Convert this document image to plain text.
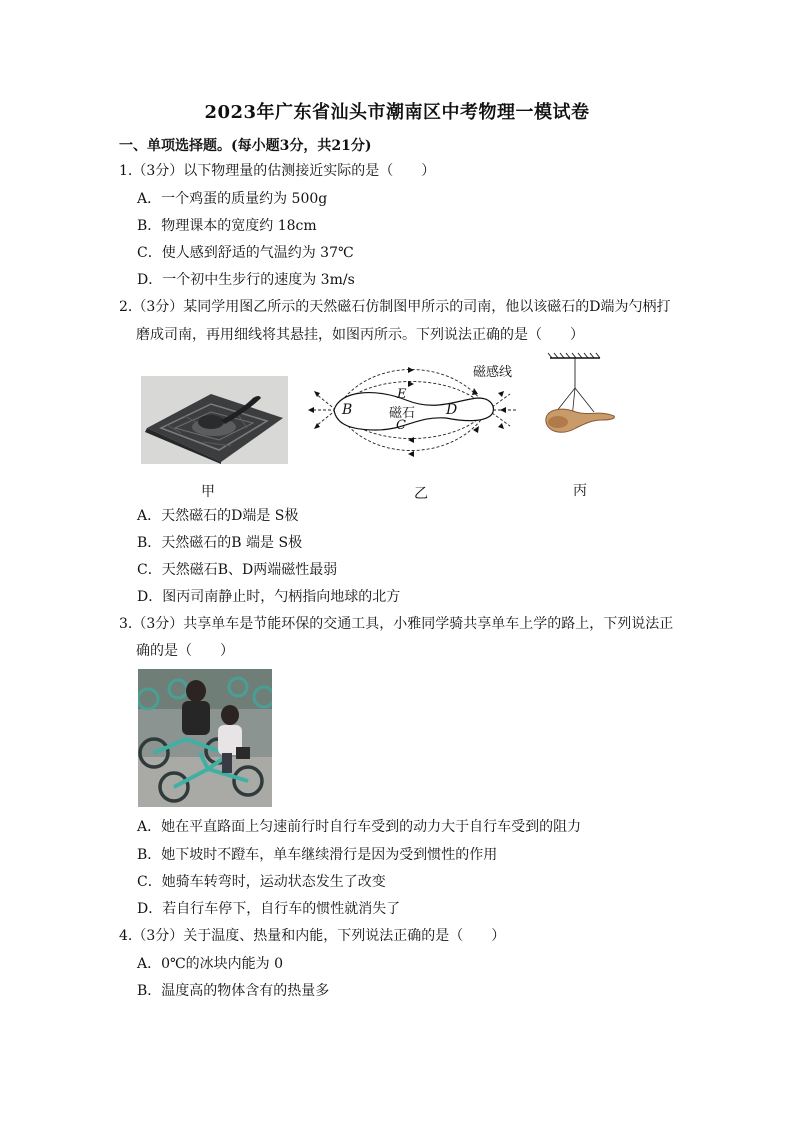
2023年广东省汕头市潮南区中考物理一模试卷
一、单项选择题。(每小题3分，共21分)
1.（3分）以下物理量的估测接近实际的是（　　）
A．一个鸡蛋的质量约为 500g
B．物理课本的宽度约 18cm
C．使人感到舒适的气温约为 37℃
D．一个初中生步行的速度为 3m/s
2.（3分）某同学用图乙所示的天然磁石仿制图甲所示的司南，他以该磁石的D端为勺柄打
磨成司南，再用细线将其悬挂，如图丙所示。下列说法正确的是（　　）
甲
B
E
磁石
C
D
磁感线
乙	丙
A．天然磁石的D端是 S极
B．天然磁石的B 端是 S极
C．天然磁石B、D两端磁性最弱
D．图丙司南静止时，勺柄指向地球的北方
3.（3分）共享单车是节能环保的交通工具，小雅同学骑共享单车上学的路上，下列说法正
确的是（　　）
A．她在平直路面上匀速前行时自行车受到的动力大于自行车受到的阻力
B．她下坡时不蹬车，单车继续滑行是因为受到惯性的作用
C．她骑车转弯时，运动状态发生了改变
D．若自行车停下，自行车的惯性就消失了
4.（3分）关于温度、热量和内能，下列说法正确的是（　　）
A．0℃的冰块内能为 0
B．温度高的物体含有的热量多
